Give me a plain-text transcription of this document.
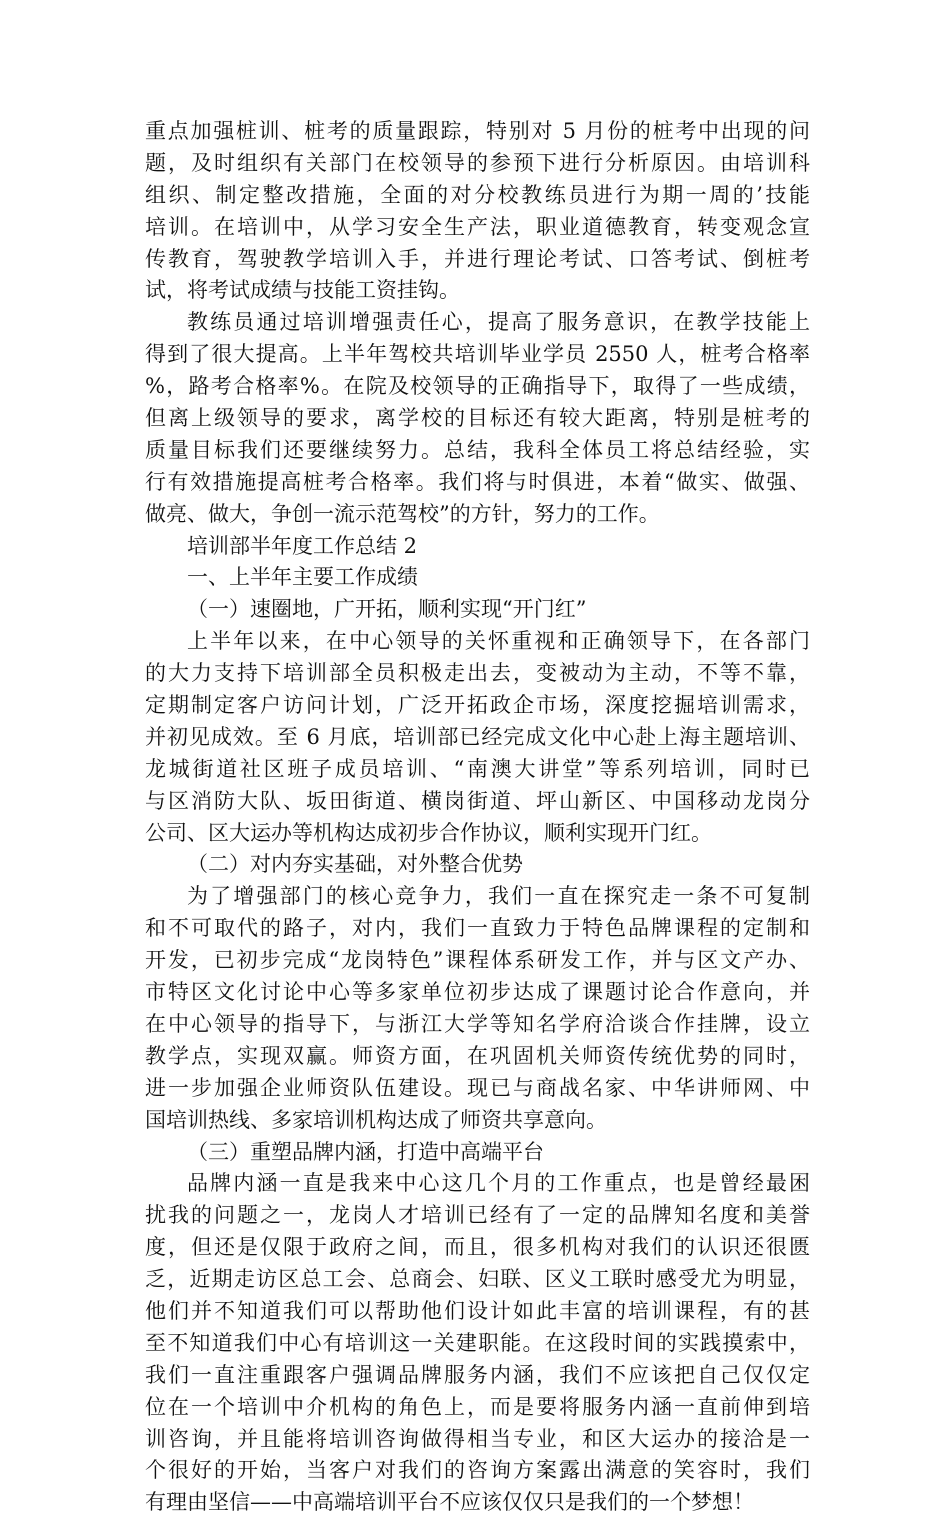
重点加强桩训、桩考的质量跟踪，特别对 5 月份的桩考中出现的问
题，及时组织有关部门在校领导的参预下进行分析原因。由培训科
组织、制定整改措施，全面的对分校教练员进行为期一周的’技能
培训。在培训中，从学习安全生产法，职业道德教育，转变观念宣
传教育，驾驶教学培训入手，并进行理论考试、口答考试、倒桩考
试，将考试成绩与技能工资挂钩。
教练员通过培训增强责任心，提高了服务意识，在教学技能上
得到了很大提高。上半年驾校共培训毕业学员 2550 人，桩考合格率
%，路考合格率%。在院及校领导的正确指导下，取得了一些成绩，
但离上级领导的要求，离学校的目标还有较大距离，特别是桩考的
质量目标我们还要继续努力。总结，我科全体员工将总结经验，实
行有效措施提高桩考合格率。我们将与时俱进，本着“做实、做强、
做亮、做大，争创一流示范驾校”的方针，努力的工作。
培训部半年度工作总结 2
一、上半年主要工作成绩
（一）速圈地，广开拓，顺利实现“开门红”
上半年以来，在中心领导的关怀重视和正确领导下，在各部门
的大力支持下培训部全员积极走出去，变被动为主动，不等不靠，
定期制定客户访问计划，广泛开拓政企市场，深度挖掘培训需求，
并初见成效。至 6 月底，培训部已经完成文化中心赴上海主题培训、
龙城街道社区班子成员培训、“南澳大讲堂”等系列培训，同时已
与区消防大队、坂田街道、横岗街道、坪山新区、中国移动龙岗分
公司、区大运办等机构达成初步合作协议，顺利实现开门红。
（二）对内夯实基础，对外整合优势
为了增强部门的核心竞争力，我们一直在探究走一条不可复制
和不可取代的路子，对内，我们一直致力于特色品牌课程的定制和
开发，已初步完成“龙岗特色”课程体系研发工作，并与区文产办、
市特区文化讨论中心等多家单位初步达成了课题讨论合作意向，并
在中心领导的指导下，与浙江大学等知名学府洽谈合作挂牌，设立
教学点，实现双赢。师资方面，在巩固机关师资传统优势的同时，
进一步加强企业师资队伍建设。现已与商战名家、中华讲师网、中
国培训热线、多家培训机构达成了师资共享意向。
（三）重塑品牌内涵，打造中高端平台
品牌内涵一直是我来中心这几个月的工作重点，也是曾经最困
扰我的问题之一，龙岗人才培训已经有了一定的品牌知名度和美誉
度，但还是仅限于政府之间，而且，很多机构对我们的认识还很匮
乏，近期走访区总工会、总商会、妇联、区义工联时感受尤为明显，
他们并不知道我们可以帮助他们设计如此丰富的培训课程，有的甚
至不知道我们中心有培训这一关建职能。在这段时间的实践摸索中，
我们一直注重跟客户强调品牌服务内涵，我们不应该把自己仅仅定
位在一个培训中介机构的角色上，而是要将服务内涵一直前伸到培
训咨询，并且能将培训咨询做得相当专业，和区大运办的接洽是一
个很好的开始，当客户对我们的咨询方案露出满意的笑容时，我们
有理由坚信——中高端培训平台不应该仅仅只是我们的一个梦想！
